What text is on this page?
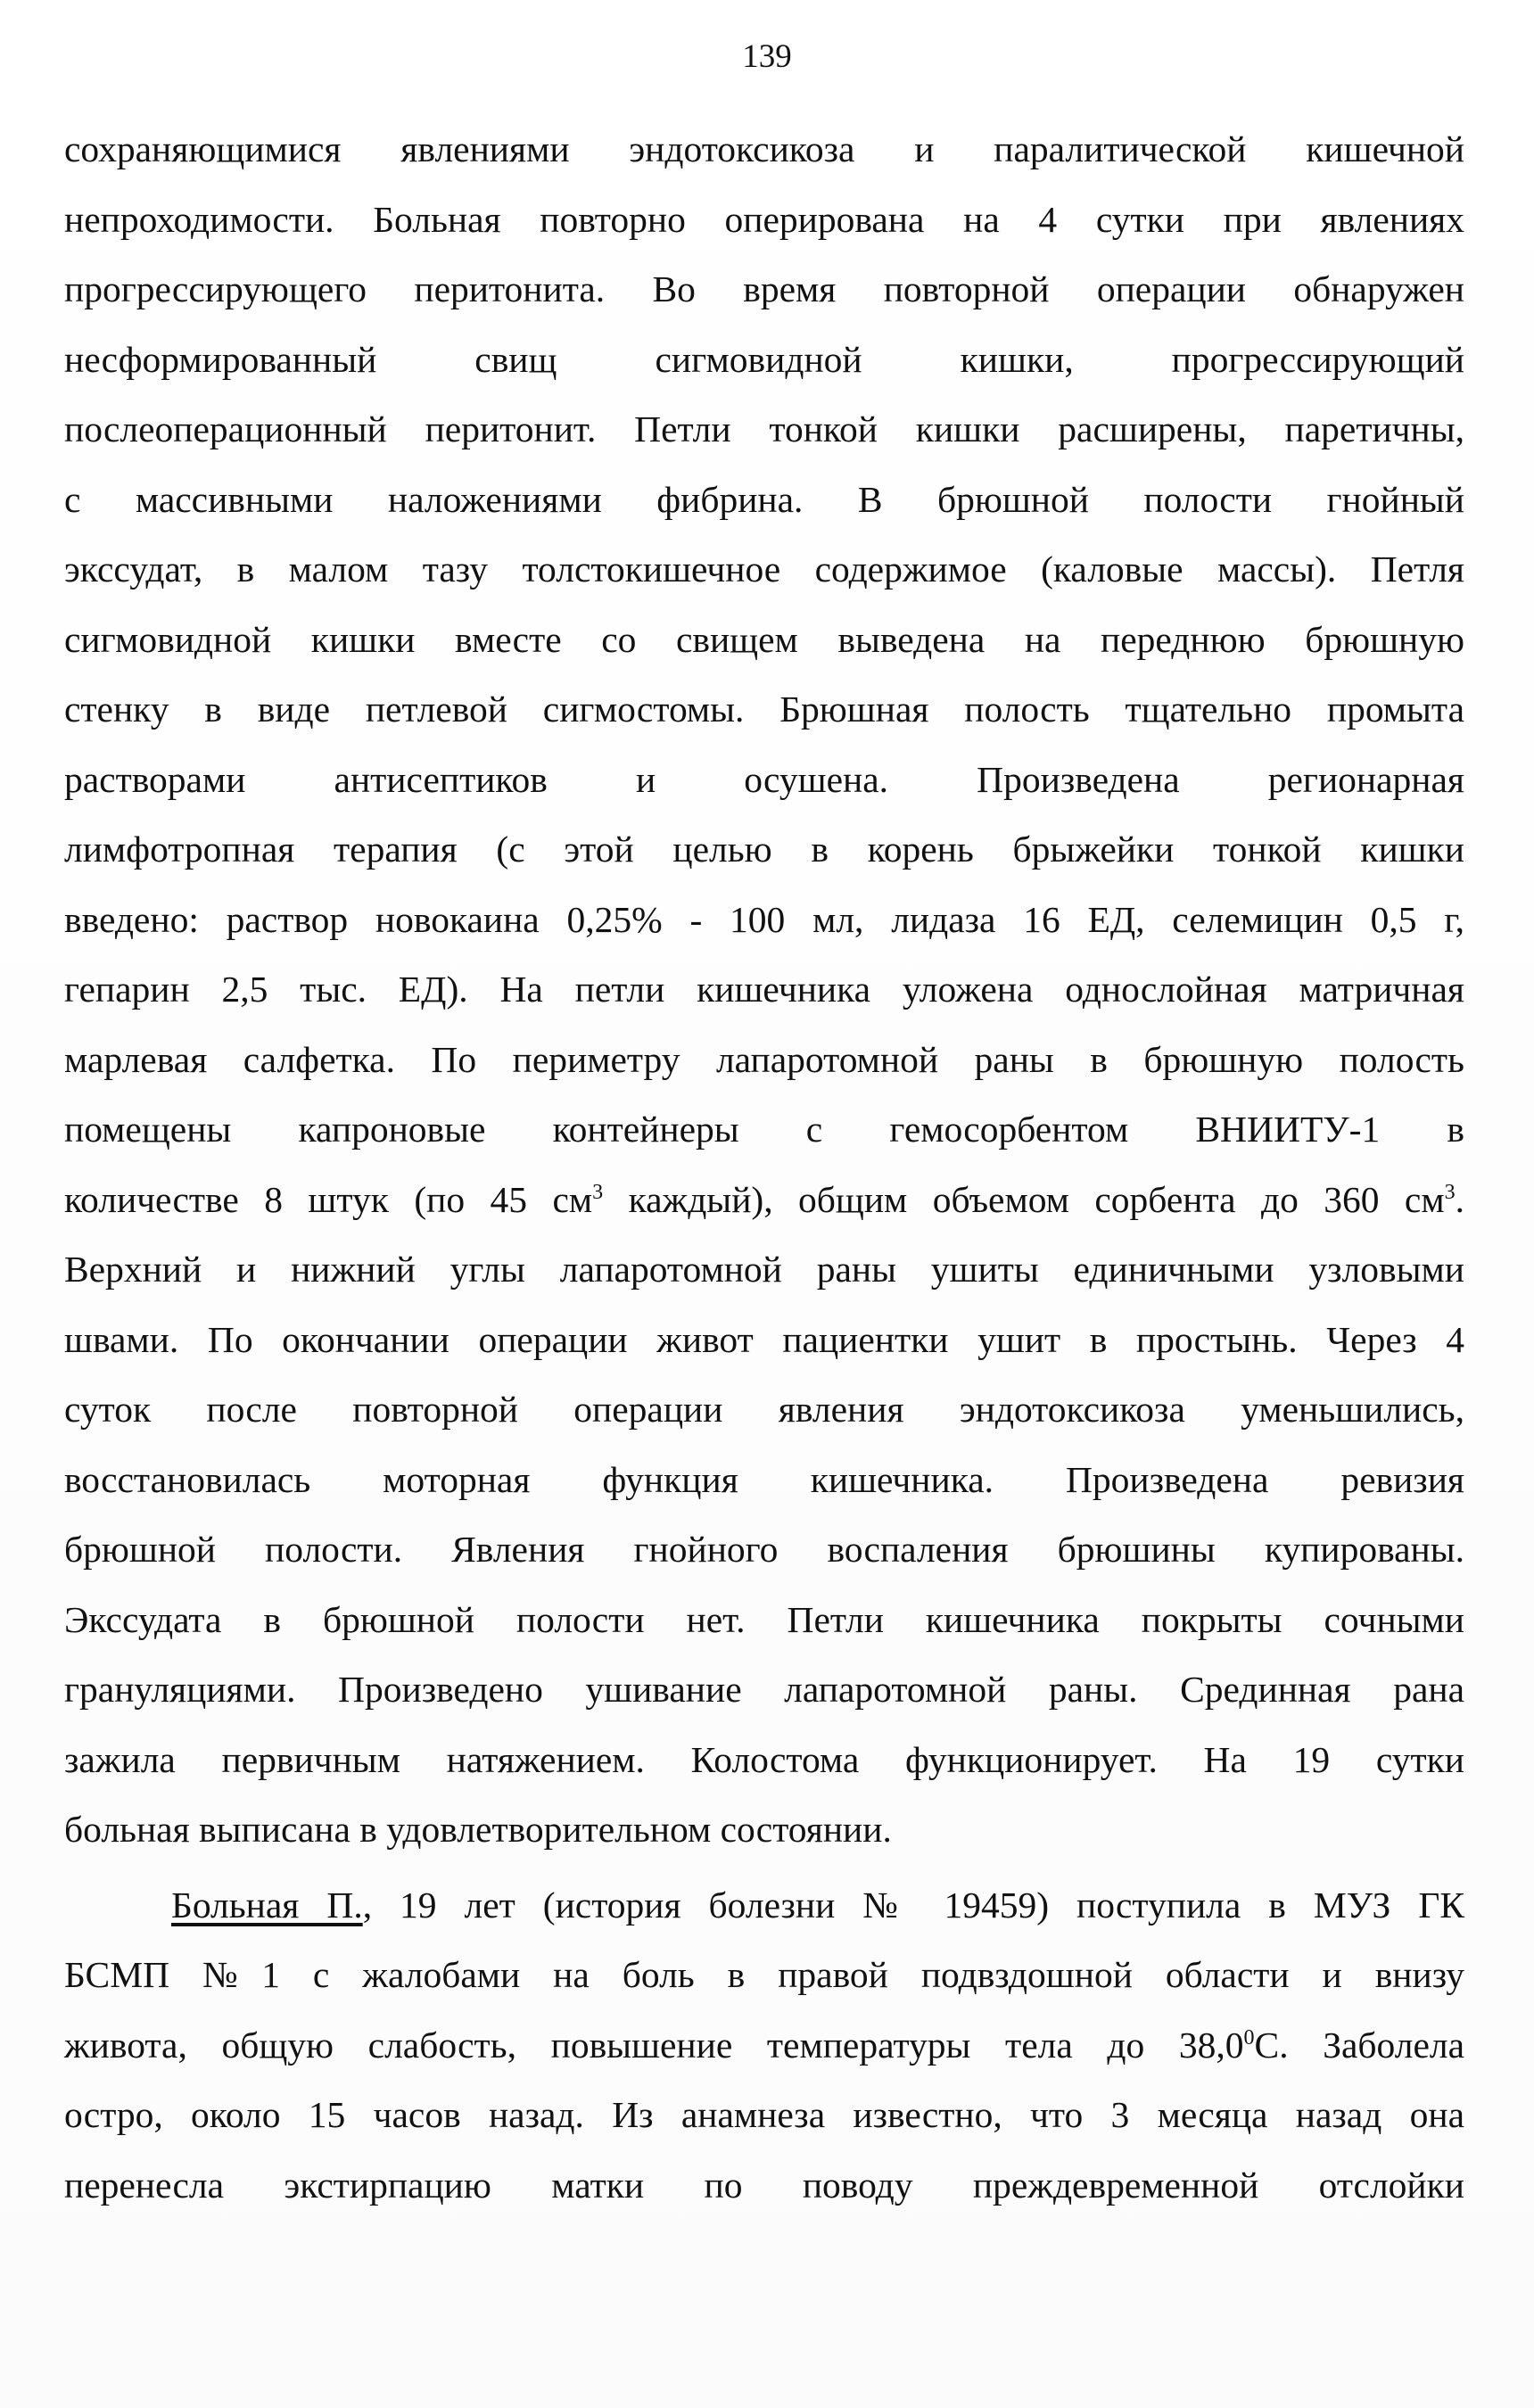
139
сохраняющимися явлениями эндотоксикоза и паралитической кишечной
непроходимости. Больная повторно оперирована на 4 сутки при явлениях
прогрессирующего перитонита. Во время повторной операции обнаружен
несформированный свищ сигмовидной кишки, прогрессирующий
послеоперационный перитонит. Петли тонкой кишки расширены, паретичны,
с массивными наложениями фибрина. В брюшной полости гнойный
экссудат, в малом тазу толстокишечное содержимое (каловые массы). Петля
сигмовидной кишки вместе со свищем выведена на переднюю брюшную
стенку в виде петлевой сигмостомы. Брюшная полость тщательно промыта
растворами антисептиков и осушена. Произведена регионарная
лимфотропная терапия (с этой целью в корень брыжейки тонкой кишки
введено: раствор новокаина 0,25% - 100 мл, лидаза 16 ЕД, селемицин 0,5 г,
гепарин 2,5 тыс. ЕД). На петли кишечника уложена однослойная матричная
марлевая салфетка. По периметру лапаротомной раны в брюшную полость
помещены капроновые контейнеры с гемосорбентом ВНИИТУ-1 в
количестве 8 штук (по 45 $см^3$ каждый), общим объемом сорбента до 360 $см^3$.
Верхний и нижний углы лапаротомной раны ушиты единичными узловыми
швами. По окончании операции живот пациентки ушит в простынь. Через 4
суток после повторной операции явления эндотоксикоза уменьшились,
восстановилась моторная функция кишечника. Произведена ревизия
брюшной полости. Явления гнойного воспаления брюшины купированы.
Экссудата в брюшной полости нет. Петли кишечника покрыты сочными
грануляциями. Произведено ушивание лапаротомной раны. Срединная рана
зажила первичным натяжением. Колостома функционирует. На 19 сутки
больная выписана в удовлетворительном состоянии.
Больная П., 19 лет (история болезни № 19459) поступила в МУЗ ГК
БСМП №1 с жалобами на боль в правой подвздошной области и внизу
живота, общую слабость, повышение температуры тела до 38,0$^0$С. Заболела
остро, около 15 часов назад. Из анамнеза известно, что 3 месяца назад она
перенесла экстирпацию матки по поводу преждевременной отслойки
